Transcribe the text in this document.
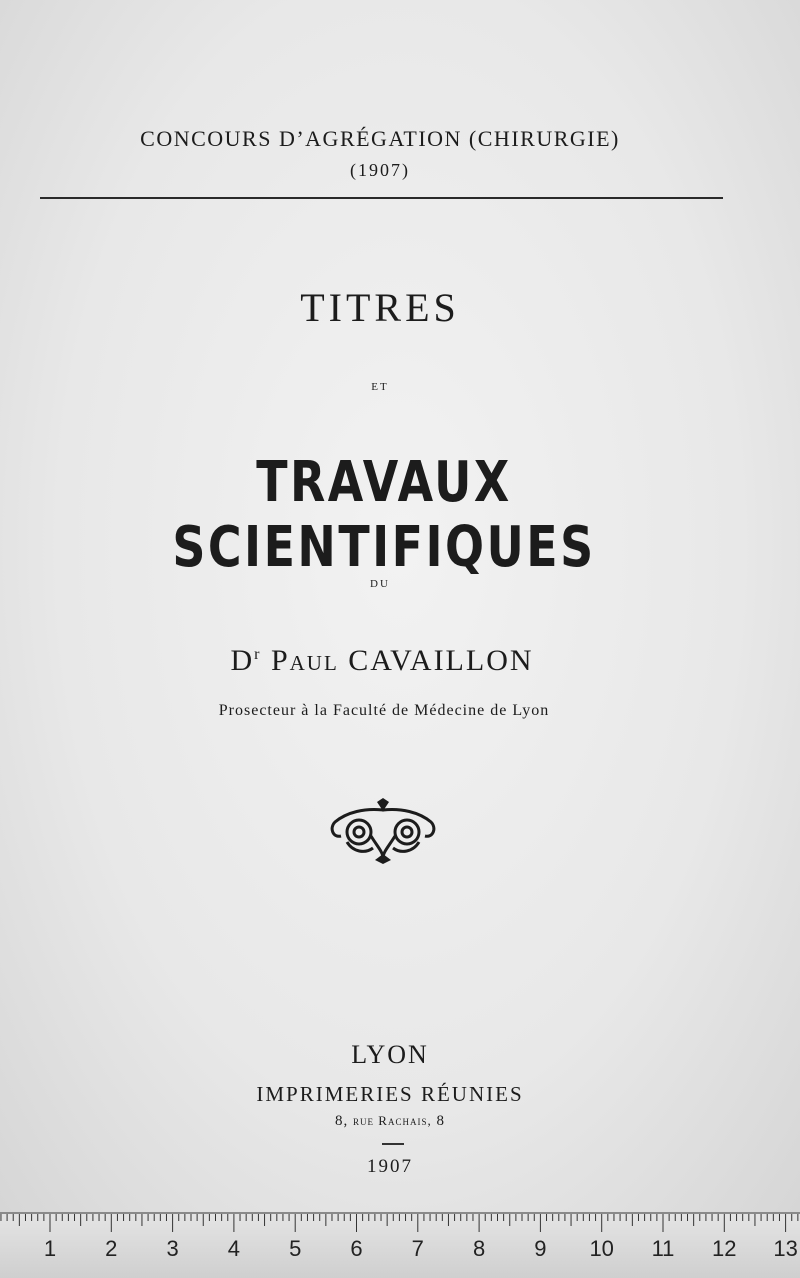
CONCOURS D’AGRÉGATION (CHIRURGIE)
(1907)
TITRES
ET
TRAVAUX SCIENTIFIQUES
DU
$D^r$ Paul CAVAILLON
Prosecteur à la Faculté de Médecine de Lyon
LYON
IMPRIMERIES RÉUNIES
8, rue Rachais, 8
1907
1 2 3 4 5 6 7 8 9 10 11 12 13
